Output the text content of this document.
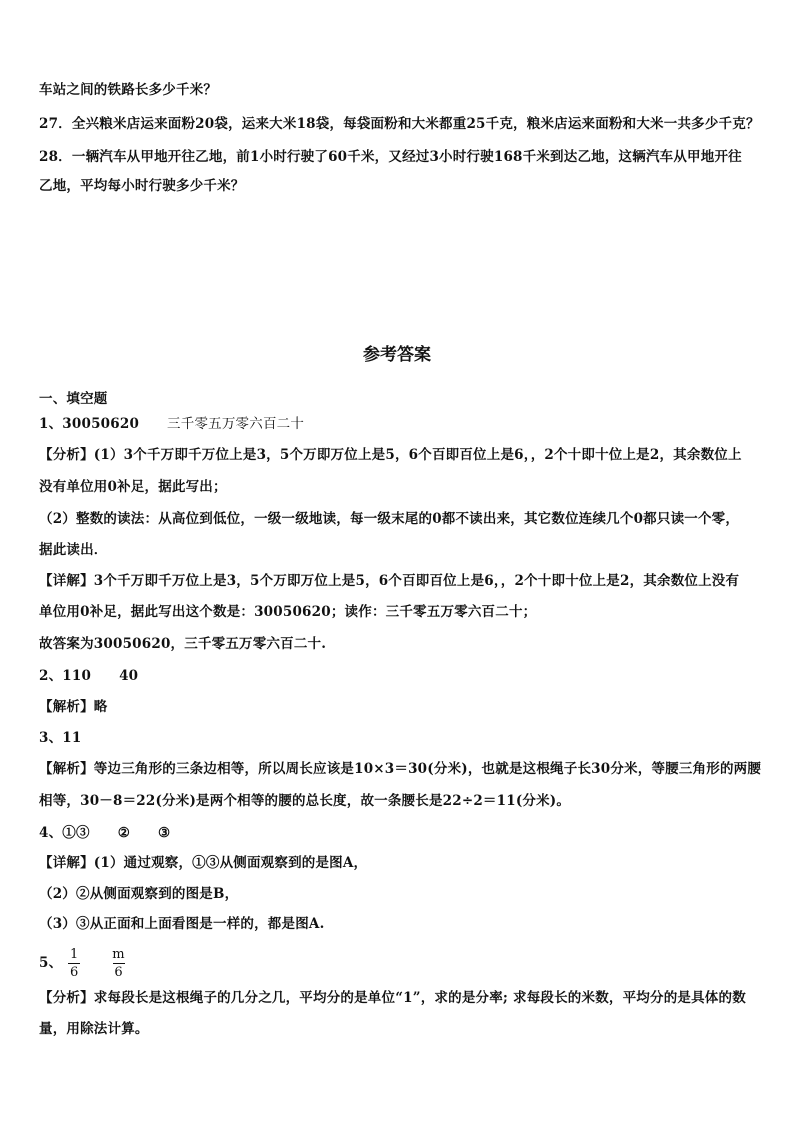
车站之间的铁路长多少千米？
27．全兴粮米店运来面粉20袋，运来大米18袋，每袋面粉和大米都重25千克，粮米店运来面粉和大米一共多少千克？
28．一辆汽车从甲地开往乙地，前1小时行驶了60千米，又经过3小时行驶168千米到达乙地，这辆汽车从甲地开往
乙地，平均每小时行驶多少千米？
参考答案
一、填空题
1、30050620 三千零五万零六百二十
【分析】(1）3个千万即千万位上是3，5个万即万位上是5，6个百即百位上是6，，2个十即十位上是2，其余数位上
没有单位用0补足，据此写出；
（2）整数的读法：从高位到低位，一级一级地读，每一级末尾的0都不读出来，其它数位连续几个0都只读一个零，
据此读出．
【详解】3个千万即千万位上是3，5个万即万位上是5，6个百即百位上是6，，2个十即十位上是2，其余数位上没有
单位用0补足，据此写出这个数是：30050620；读作：三千零五万零六百二十；
故答案为30050620，三千零五万零六百二十.
2、110 40
【解析】略
3、11
【解析】等边三角形的三条边相等，所以周长应该是10×3＝30(分米)，也就是这根绳子长30分米，等腰三角形的两腰
相等，30－8＝22(分米)是两个相等的腰的总长度，故一条腰长是22÷2＝11(分米)。
4、①③ ② ③
【详解】(1）通过观察，①③从侧面观察到的是图A，
（2）②从侧面观察到的图是B，
（3）③从正面和上面看图是一样的，都是图A.
5、 $\frac{1}{6} \frac{m}{6}$
【分析】求每段长是这根绳子的几分之几，平均分的是单位“1”，求的是分率; 求每段长的米数，平均分的是具体的数
量，用除法计算。
